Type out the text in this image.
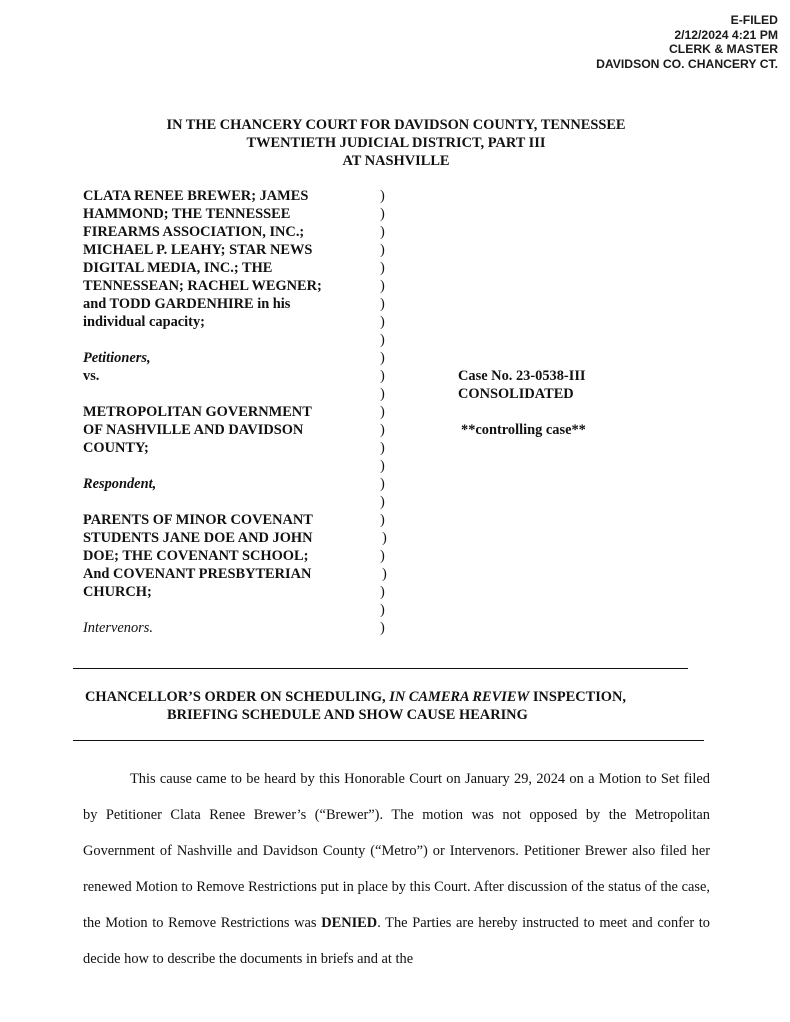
E-FILED
2/12/2024 4:21 PM
CLERK & MASTER
DAVIDSON CO. CHANCERY CT.
IN THE CHANCERY COURT FOR DAVIDSON COUNTY, TENNESSEE
TWENTIETH JUDICIAL DISTRICT, PART III
AT NASHVILLE
CLATA RENEE BREWER; JAMES
HAMMOND; THE TENNESSEE
FIREARMS ASSOCIATION, INC.;
MICHAEL P. LEAHY; STAR NEWS
DIGITAL MEDIA, INC.; THE
TENNESSEAN; RACHEL WEGNER;
and TODD GARDENHIRE in his
individual capacity;
Petitioners,
vs.
METROPOLITAN GOVERNMENT
OF NASHVILLE AND DAVIDSON
COUNTY;
Respondent,
PARENTS OF MINOR COVENANT
STUDENTS JANE DOE AND JOHN
DOE; THE COVENANT SCHOOL;
And COVENANT PRESBYTERIAN
CHURCH;
Intervenors.
)
)
)
)
)
)
)
)
)
)
)
)
)
)
)
)
)
)
)
)
)
)
)
)
)
Case No. 23-0538-III
CONSOLIDATED
**controlling case**
CHANCELLOR’S ORDER ON SCHEDULING, IN CAMERA REVIEW INSPECTION,
BRIEFING SCHEDULE AND SHOW CAUSE HEARING

This cause came to be heard by this Honorable Court on January 29, 2024 on a Motion to Set filed by Petitioner Clata Renee Brewer’s (“Brewer”). The motion was not opposed by the Metropolitan Government of Nashville and Davidson County (“Metro”) or Intervenors. Petitioner Brewer also filed her renewed Motion to Remove Restrictions put in place by this Court. After discussion of the status of the case, the Motion to Remove Restrictions was DENIED. The Parties are hereby instructed to meet and confer to decide how to describe the documents in briefs and at the
